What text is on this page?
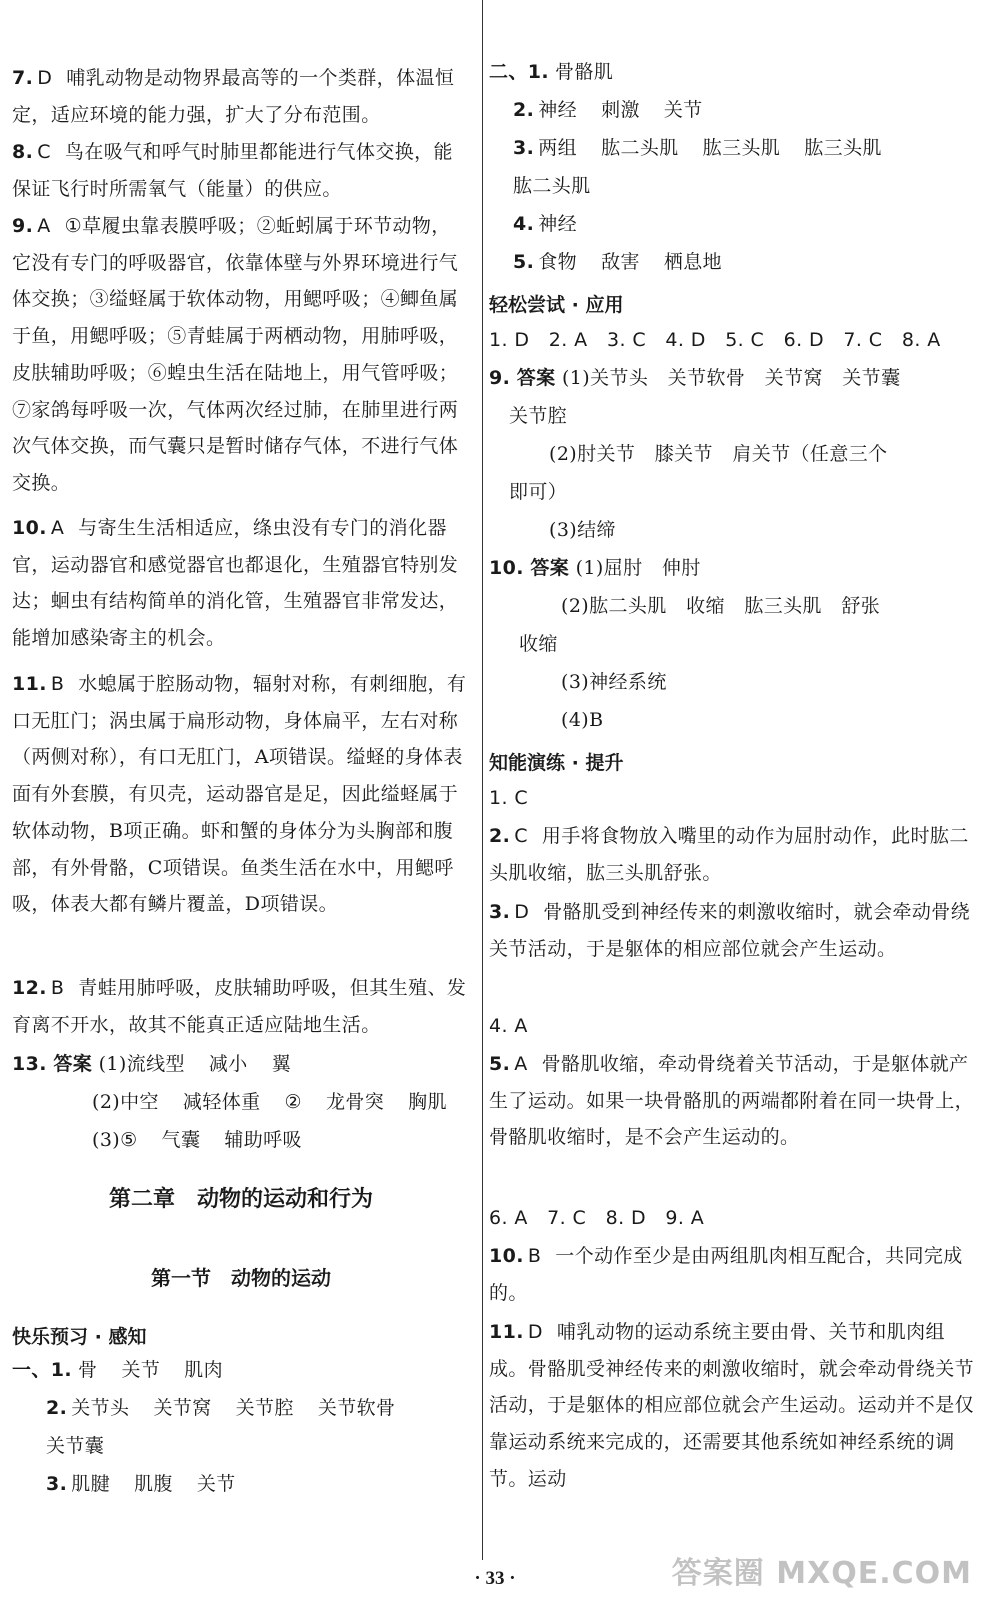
7. D 哺乳动物是动物界最高等的一个类群，体温恒定，适应环境的能力强，扩大了分布范围。
8. C 鸟在吸气和呼气时肺里都能进行气体交换，能保证飞行时所需氧气（能量）的供应。
9. A ①草履虫靠表膜呼吸；②蚯蚓属于环节动物，它没有专门的呼吸器官，依靠体壁与外界环境进行气体交换；③缢蛏属于软体动物，用鳃呼吸；④鲫鱼属于鱼，用鳃呼吸；⑤青蛙属于两栖动物，用肺呼吸，皮肤辅助呼吸；⑥蝗虫生活在陆地上，用气管呼吸；⑦家鸽每呼吸一次，气体两次经过肺，在肺里进行两次气体交换，而气囊只是暂时储存气体，不进行气体交换。
10. A 与寄生生活相适应，绦虫没有专门的消化器官，运动器官和感觉器官也都退化，生殖器官特别发达；蛔虫有结构简单的消化管，生殖器官非常发达，能增加感染寄主的机会。
11. B 水螅属于腔肠动物，辐射对称，有刺细胞，有口无肛门；涡虫属于扁形动物，身体扁平，左右对称（两侧对称），有口无肛门，A项错误。缢蛏的身体表面有外套膜，有贝壳，运动器官是足，因此缢蛏属于软体动物，B项正确。虾和蟹的身体分为头胸部和腹部，有外骨骼，C项错误。鱼类生活在水中，用鳃呼吸，体表大都有鳞片覆盖，D项错误。
12. B 青蛙用肺呼吸，皮肤辅助呼吸，但其生殖、发育离不开水，故其不能真正适应陆地生活。
13. 答案 (1)流线型 减小 翼
(2)中空 减轻体重 ② 龙骨突 胸肌
(3)⑤ 气囊 辅助呼吸
第二章　动物的运动和行为
第一节　动物的运动
快乐预习 · 感知
一、1. 骨 关节 肌肉
2. 关节头 关节窝 关节腔 关节软骨
关节囊
3. 肌腱 肌腹 关节
二、1. 骨骼肌
2. 神经 刺激 关节
3. 两组 肱二头肌 肱三头肌 肱三头肌
肱二头肌
4. 神经
5. 食物 敌害 栖息地
轻松尝试 · 应用
1. D　2. A　3. C　4. D　5. C　6. D　7. C　8. A
9. 答案 (1)关节头　关节软骨　关节窝　关节囊
关节腔
(2)肘关节　膝关节　肩关节（任意三个
即可）
(3)结缔
10. 答案 (1)屈肘　伸肘
(2)肱二头肌　收缩　肱三头肌　舒张
收缩
(3)神经系统
(4)B
知能演练 · 提升
1. C
2. C 用手将食物放入嘴里的动作为屈肘动作，此时肱二头肌收缩，肱三头肌舒张。
3. D 骨骼肌受到神经传来的刺激收缩时，就会牵动骨绕关节活动，于是躯体的相应部位就会产生运动。
4. A
5. A 骨骼肌收缩，牵动骨绕着关节活动，于是躯体就产生了运动。如果一块骨骼肌的两端都附着在同一块骨上，骨骼肌收缩时，是不会产生运动的。
6. A　7. C　8. D　9. A
10. B 一个动作至少是由两组肌肉相互配合，共同完成的。
11. D 哺乳动物的运动系统主要由骨、关节和肌肉组成。骨骼肌受神经传来的刺激收缩时，就会牵动骨绕关节活动，于是躯体的相应部位就会产生运动。运动并不是仅靠运动系统来完成的，还需要其他系统如神经系统的调节。运动
· 33 ·	答案圈 MXQE.COM
